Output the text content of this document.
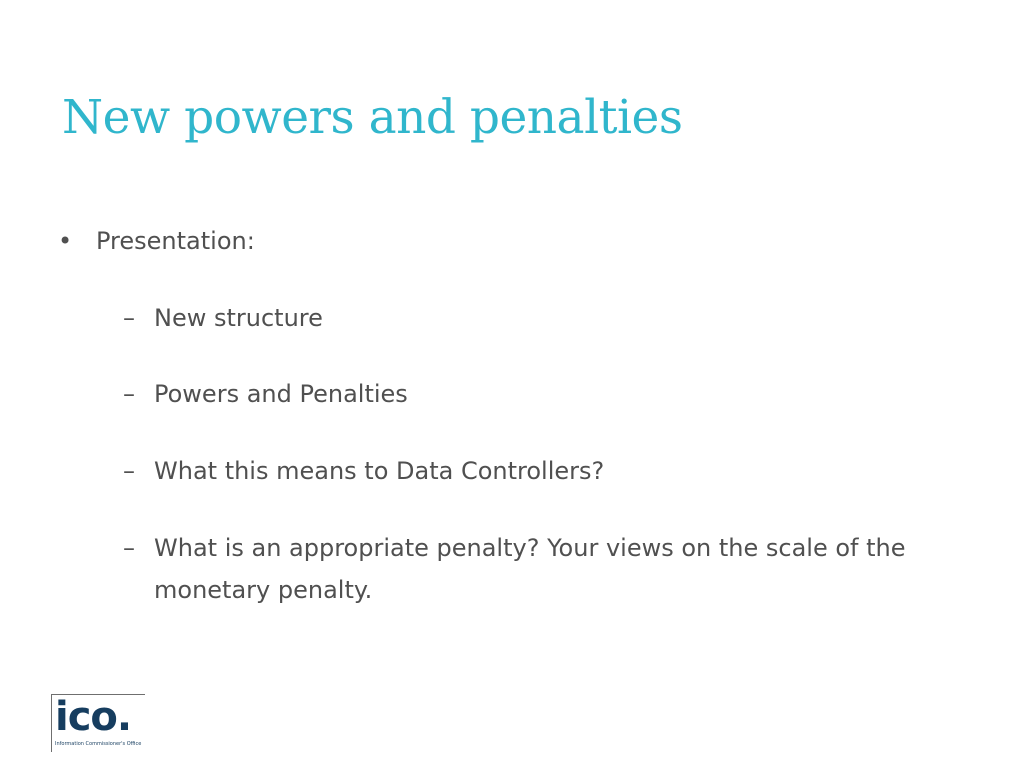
New powers and penalties
• Presentation:
– New structure
– Powers and Penalties
– What this means to Data Controllers?
– What is an appropriate penalty? Your views on the scale of the monetary penalty.
ico.
Information Commissioner's Office
